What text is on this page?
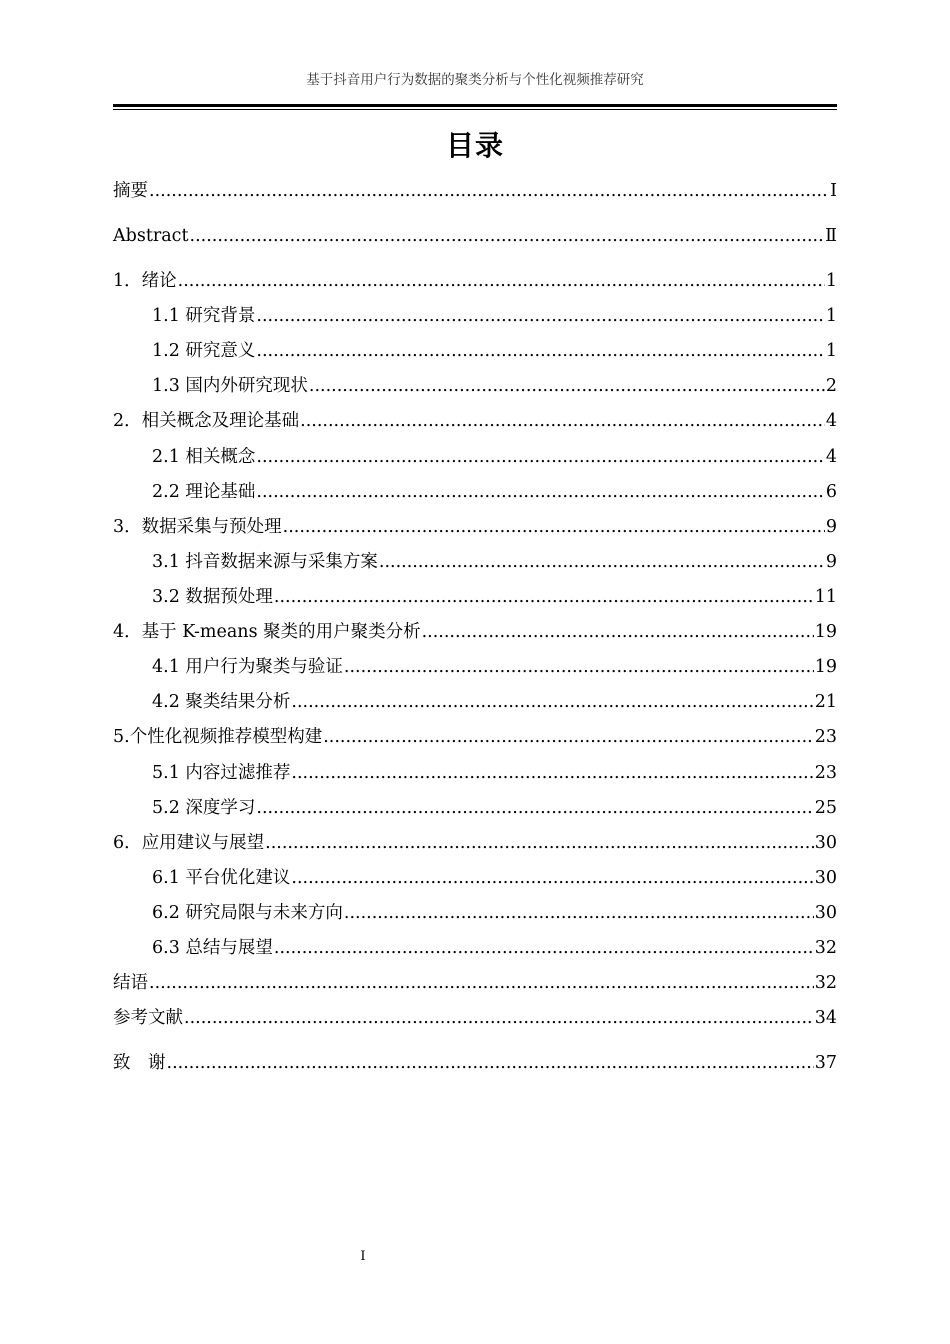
基于抖音用户行为数据的聚类分析与个性化视频推荐研究
目录
摘要 .....	I
Abstract .....	Ⅱ
1．绪论 .....	1
1.1 研究背景 .....	1
1.2 研究意义 .....	1
1.3 国内外研究现状 .....	2
2．相关概念及理论基础 .....	4
2.1 相关概念 .....	4
2.2 理论基础 .....	6
3．数据采集与预处理 .....	9
3.1 抖音数据来源与采集方案 .....	9
3.2 数据预处理 .....	11
4．基于 K-means 聚类的用户聚类分析 .....	19
4.1 用户行为聚类与验证 .....	19
4.2 聚类结果分析 .....	21
5.个性化视频推荐模型构建 .....	23
5.1 内容过滤推荐 .....	23
5.2 深度学习 .....	25
6．应用建议与展望 .....	30
6.1 平台优化建议 .....	30
6.2 研究局限与未来方向 .....	30
6.3 总结与展望 .....	32
结语 .....	32
参考文献 .....	34
致　谢 .....	37
I
